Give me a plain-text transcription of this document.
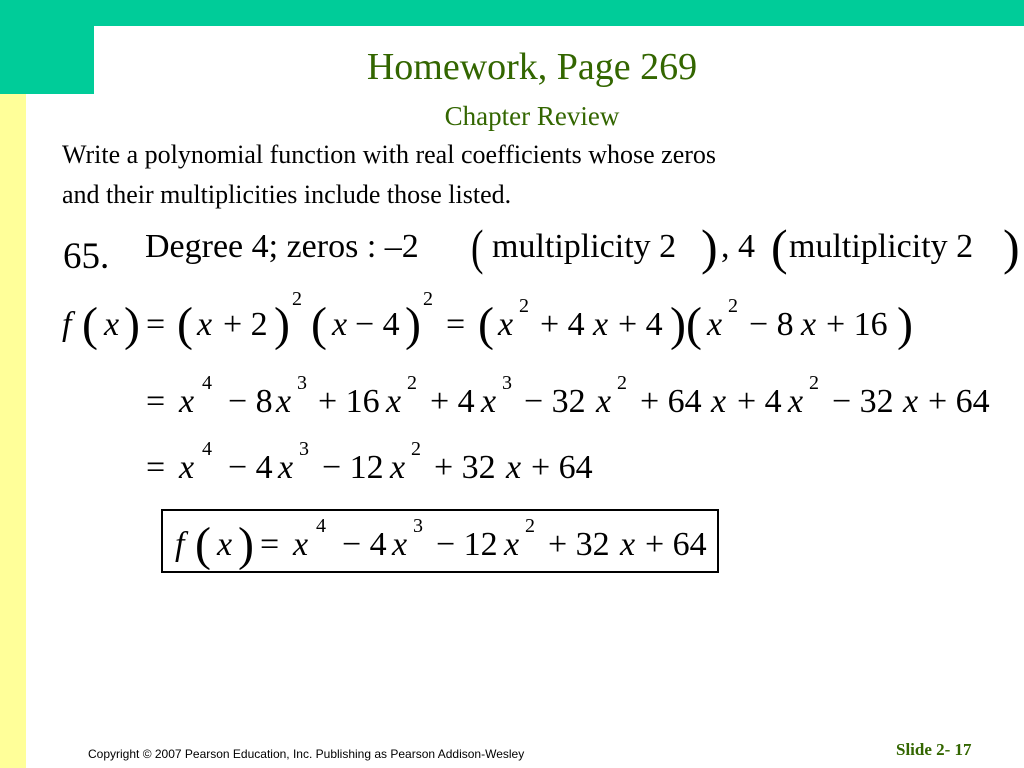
Homework, Page 269
Chapter Review
Write a polynomial function with real coefficients whose zeros
and their multiplicities include those listed.
65. Degree 4; zeros : –2 ( multiplicity 2 ) , 4 ( multiplicity 2 )
f ( x ) = ( x + 2 ) 2 ( x − 4 ) 2
= ( x 2 + 4 x + 4 )( x 2 − 8 x + 16 )
= x 4 − 8 x 3 + 16 x 2 + 4 x 3 − 32 x 2 + 64 x + 4 x 2 − 32 x + 64
= x 4 − 4 x 3 − 12 x 2 + 32 x + 64
f ( x ) = x 4 − 4 x 3 − 12 x 2 + 32 x + 64
Copyright © 2007 Pearson Education, Inc. Publishing as Pearson Addison-Wesley	Slide 2- 17
